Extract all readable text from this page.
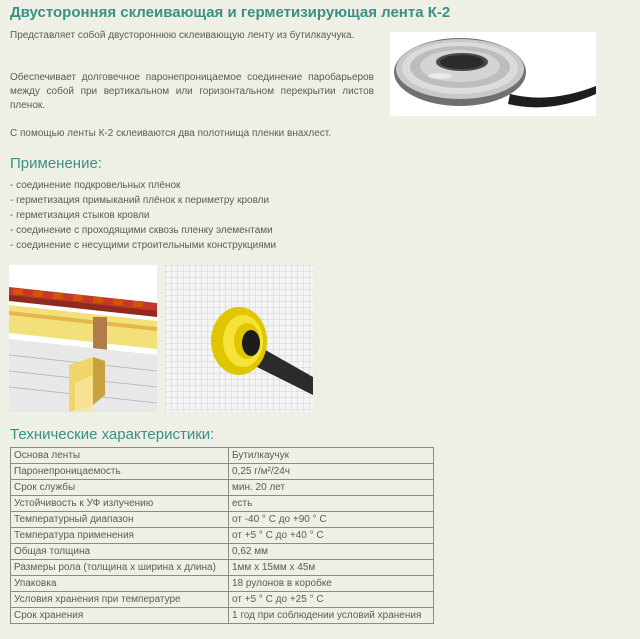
Двусторонняя склеивающая и герметизирующая лента К-2

Представляет собой двустороннюю склеивающую ленту из бутилкаучука.

Обеспечивает долговечное паронепроницаемое соединение паробарьеров между собой при вертикальном или горизонтальном перекрытии листов пленок.

С помощью ленты К-2 склеиваются два полотнища пленки внахлест.

Применение:
- соединение подкровельных плёнок
- герметизация примыканий плёнок к периметру кровли
- герметизация стыков кровли
- соединение с проходящими сквозь пленку элементами
- соединение с несущими строительными конструкциями
Технические характеристики:
Основа ленты	Бутилкаучук
Паронепроницаемость	0,25 г/м²/24ч
Срок службы	мин. 20 лет
Устойчивость к УФ излучению	есть
Температурный диапазон	от -40 ° С до +90 ° С
Температура применения	от +5 ° С до +40 ° С
Общая толщина	0,62 мм
Размеры рола (толщина х ширина х длина)	1мм х 15мм х 45м
Упаковка	18 рулонов в коробке
Условия хранения при температуре	от +5 ° С до +25 ° С
Срок хранения	1 год при соблюдении условий хранения
